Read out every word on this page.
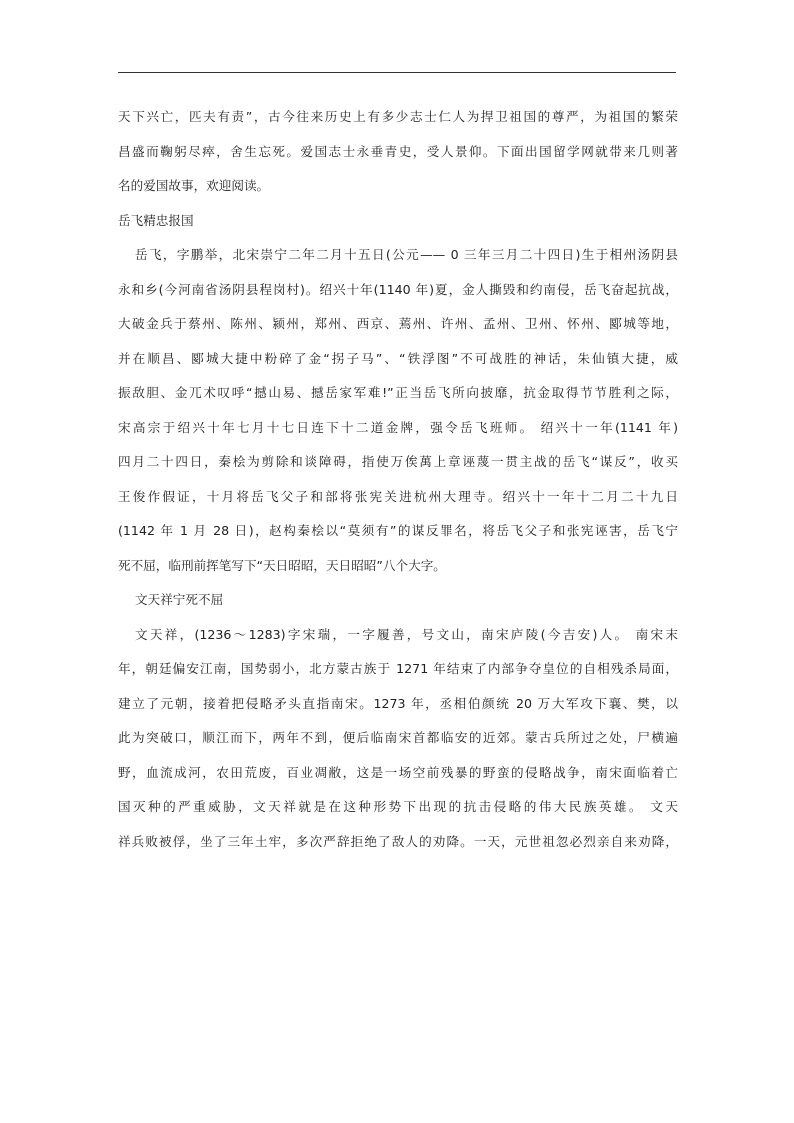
天下兴亡，匹夫有责”，古今往来历史上有多少志士仁人为捍卫祖国的尊严，为祖国的繁荣
昌盛而鞠躬尽瘁，舍生忘死。爱国志士永垂青史，受人景仰。下面出国留学网就带来几则著
名的爱国故事，欢迎阅读。
岳飞精忠报国
岳飞，字鹏举，北宋崇宁二年二月十五日(公元—— 0 三年三月二十四日)生于相州汤阴县
永和乡(今河南省汤阴县程岗村)。绍兴十年(1140 年)夏，金人撕毁和约南侵，岳飞奋起抗战，
大破金兵于蔡州、陈州、颍州，郑州、西京、蔫州、许州、孟州、卫州、怀州、郾城等地，
并在顺昌、郾城大捷中粉碎了金“拐子马”、“铁浮图”不可战胜的神话，朱仙镇大捷，威
振敌胆、金兀术叹呼“撼山易、撼岳家军难!”正当岳飞所向披靡，抗金取得节节胜利之际，
宋高宗于绍兴十年七月十七日连下十二道金牌，强令岳飞班师。 绍兴十一年(1141 年)
四月二十四日，秦桧为剪除和谈障碍，指使万俟萬上章诬蔑一贯主战的岳飞“谋反”，收买
王俊作假证，十月将岳飞父子和部将张宪关进杭州大理寺。绍兴十一年十二月二十九日
(1142 年 1 月 28 日)，赵构秦桧以“莫须有”的谋反罪名，将岳飞父子和张宪诬害，岳飞宁
死不屈，临刑前挥笔写下“天日昭昭，天日昭昭”八个大字。
文天祥宁死不屈
文天祥，(1236～1283)字宋瑞，一字履善，号文山，南宋庐陵(今吉安)人。 南宋末
年，朝廷偏安江南，国势弱小，北方蒙古族于 1271 年结束了内部争夺皇位的自相残杀局面，
建立了元朝，接着把侵略矛头直指南宋。1273 年，丞相伯颜统 20 万大军攻下襄、樊，以
此为突破口，顺江而下，两年不到，便后临南宋首都临安的近郊。蒙古兵所过之处，尸横遍
野，血流成河，农田荒废，百业凋敝，这是一场空前残暴的野蛮的侵略战争，南宋面临着亡
国灭种的严重威胁，文天祥就是在这种形势下出现的抗击侵略的伟大民族英雄。 文天
祥兵败被俘，坐了三年土牢，多次严辞拒绝了敌人的劝降。一天，元世祖忽必烈亲自来劝降，
